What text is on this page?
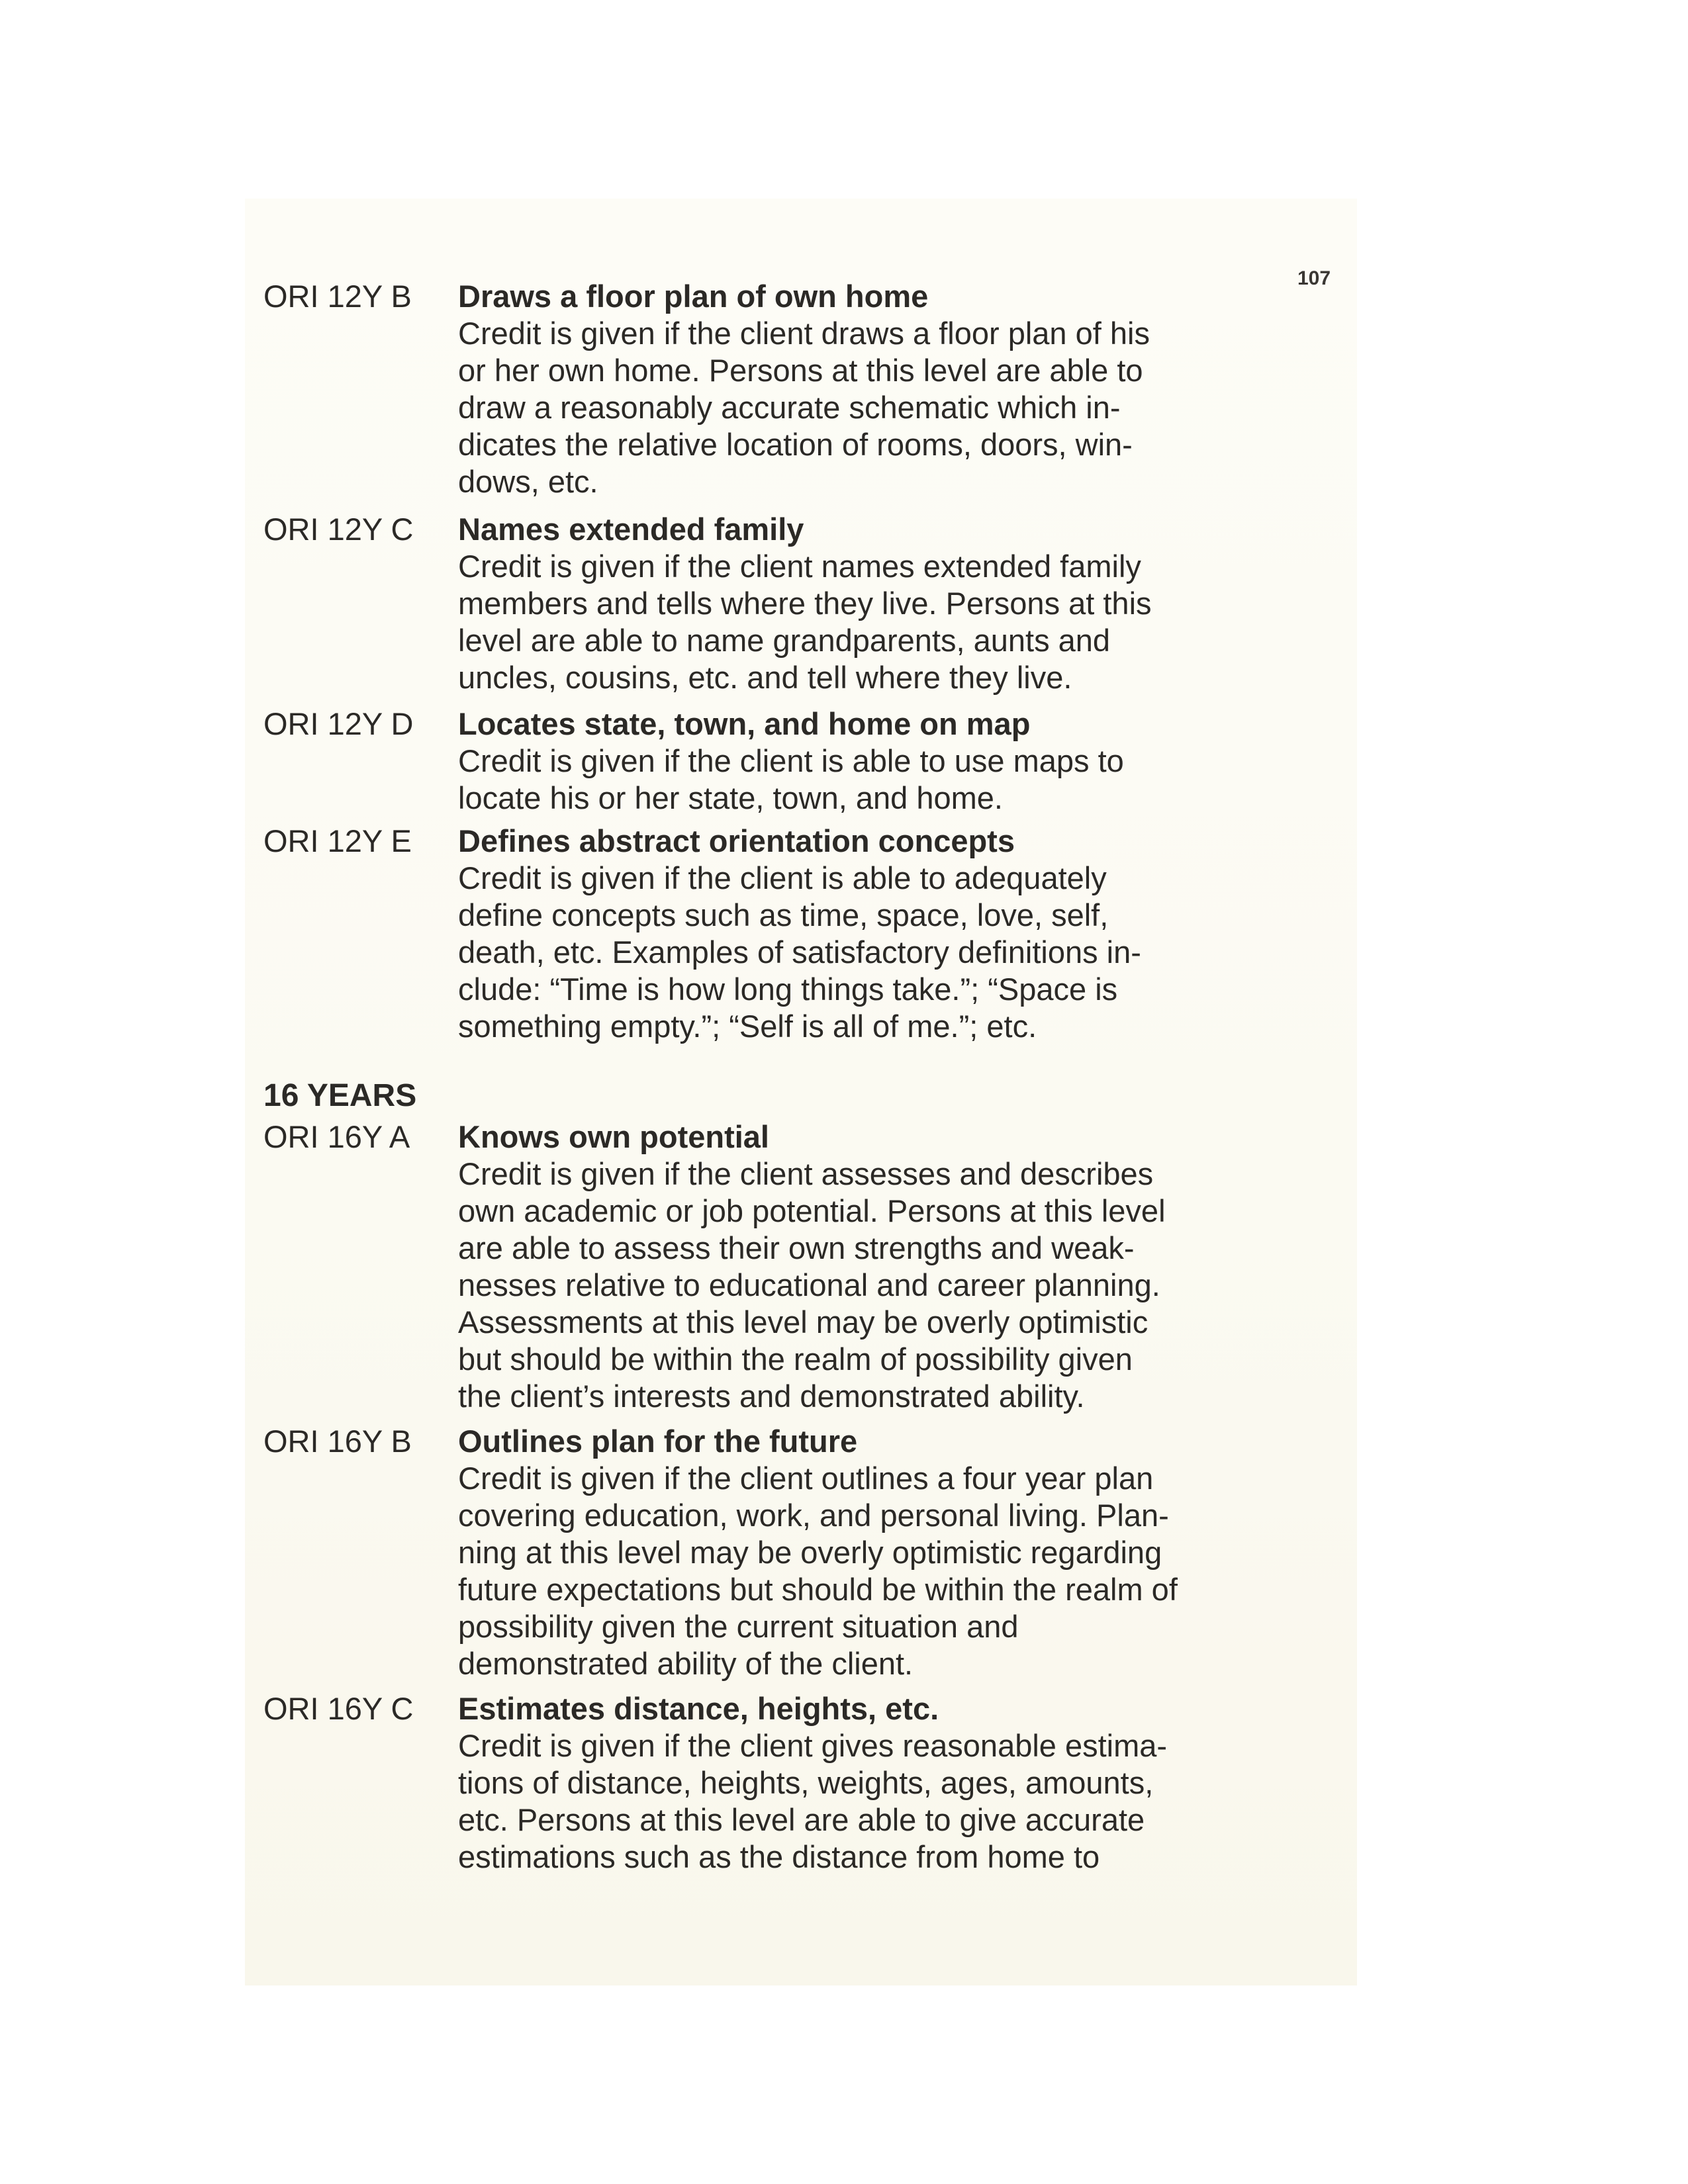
107
ORI 12Y B Draws a floor plan of own home
Credit is given if the client draws a floor plan of his
or her own home. Persons at this level are able to
draw a reasonably accurate schematic which in-
dicates the relative location of rooms, doors, win-
dows, etc.
ORI 12Y C Names extended family
Credit is given if the client names extended family
members and tells where they live. Persons at this
level are able to name grandparents, aunts and
uncles, cousins, etc. and tell where they live.
ORI 12Y D Locates state, town, and home on map
Credit is given if the client is able to use maps to
locate his or her state, town, and home.
ORI 12Y E Defines abstract orientation concepts
Credit is given if the client is able to adequately
define concepts such as time, space, love, self,
death, etc. Examples of satisfactory definitions in-
clude: “Time is how long things take.”; “Space is
something empty.”; “Self is all of me.”; etc.
16 YEARS
ORI 16Y A Knows own potential
Credit is given if the client assesses and describes
own academic or job potential. Persons at this level
are able to assess their own strengths and weak-
nesses relative to educational and career planning.
Assessments at this level may be overly optimistic
but should be within the realm of possibility given
the client’s interests and demonstrated ability.
ORI 16Y B Outlines plan for the future
Credit is given if the client outlines a four year plan
covering education, work, and personal living. Plan-
ning at this level may be overly optimistic regarding
future expectations but should be within the realm of
possibility given the current situation and
demonstrated ability of the client.
ORI 16Y C Estimates distance, heights, etc.
Credit is given if the client gives reasonable estima-
tions of distance, heights, weights, ages, amounts,
etc. Persons at this level are able to give accurate
estimations such as the distance from home to
